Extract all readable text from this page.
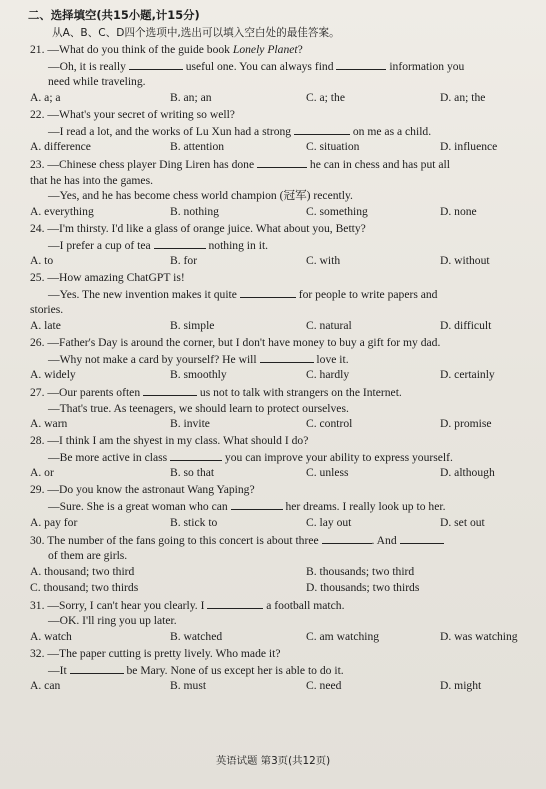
二、选择填空(共15小题,计15分)
从A、B、C、D四个选项中,选出可以填入空白处的最佳答案。
21. —What do you think of the guide book Lonely Planet?
—Oh, it is really	useful one. You can always find	information you
need while traveling.
A. a; a	B. an; an	C. a; the	D. an; the
22. —What's your secret of writing so well?
—I read a lot, and the works of Lu Xun had a strong	on me as a child.
A. difference	B. attention	C. situation	D. influence
23. —Chinese chess player Ding Liren has done	he can in chess and has put all
that he has into the games.
—Yes, and he has become chess world champion (冠军) recently.
A. everything	B. nothing	C. something	D. none
24. —I'm thirsty. I'd like a glass of orange juice. What about you, Betty?
—I prefer a cup of tea	nothing in it.
A. to	B. for	C. with	D. without
25. —How amazing ChatGPT is!
—Yes. The new invention makes it quite	for people to write papers and
stories.
A. late	B. simple	C. natural	D. difficult
26. —Father's Day is around the corner, but I don't have money to buy a gift for my dad.
—Why not make a card by yourself? He will	love it.
A. widely	B. smoothly	C. hardly	D. certainly
27. —Our parents often	us not to talk with strangers on the Internet.
—That's true. As teenagers, we should learn to protect ourselves.
A. warn	B. invite	C. control	D. promise
28. —I think I am the shyest in my class. What should I do?
—Be more active in class	you can improve your ability to express yourself.
A. or	B. so that	C. unless	D. although
29. —Do you know the astronaut Wang Yaping?
—Sure. She is a great woman who can	her dreams. I really look up to her.
A. pay for	B. stick to	C. lay out	D. set out
30. The number of the fans going to this concert is about three	. And
of them are girls.
A. thousand; two third	B. thousands; two third
C. thousand; two thirds	D. thousands; two thirds
31. —Sorry, I can't hear you clearly. I	a football match.
—OK. I'll ring you up later.
A. watch	B. watched	C. am watching	D. was watching
32. —The paper cutting is pretty lively. Who made it?
—It	be Mary. None of us except her is able to do it.
A. can	B. must	C. need	D. might
英语试题 第3页(共12页)
